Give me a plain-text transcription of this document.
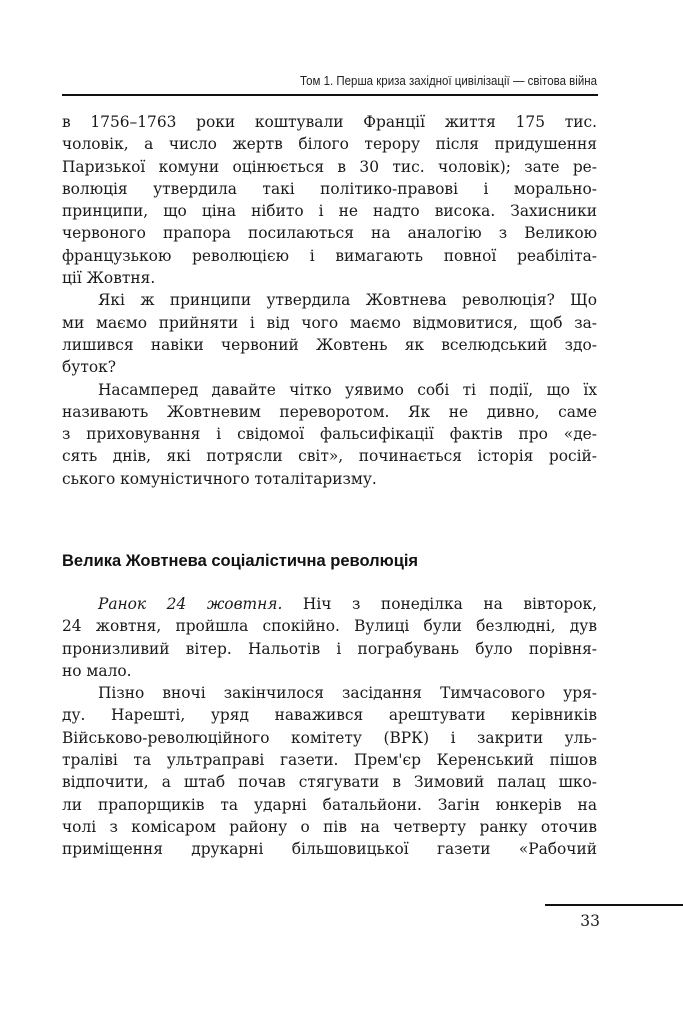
Том 1. Перша криза західної цивілізації — світова війна
в 1756–1763 роки коштували Франції життя 175 тис.
чоловік, а число жертв білого терору після придушення
Паризької комуни оцінюється в 30 тис. чоловік); зате ре-
волюція утвердила такі політико-правові і морально-
принципи, що ціна нібито і не надто висока. Захисники
червоного прапора посилаються на аналогію з Великою
французькою революцією і вимагають повної реабіліта-
ції Жовтня.
Які ж принципи утвердила Жовтнева революція? Що
ми маємо прийняти і від чого маємо відмовитися, щоб за-
лишився навіки червоний Жовтень як вселюдський здо-
буток?
Насамперед давайте чітко уявимо собі ті події, що їх
називають Жовтневим переворотом. Як не дивно, саме
з приховування і свідомої фальсифікації фактів про «де-
сять днів, які потрясли світ», починається історія росій-
ського комуністичного тоталітаризму.
Велика Жовтнева соціалістична революція
Ранок 24 жовтня. Ніч з понеділка на вівторок,
24 жовтня, пройшла спокійно. Вулиці були безлюдні, дув
пронизливий вітер. Нальотів і пограбувань було порівня-
но мало.
Пізно вночі закінчилося засідання Тимчасового уря-
ду. Нарешті, уряд наважився арештувати керівників
Військово-революційного комітету (ВРК) і закрити уль-
траліві та ультраправі газети. Прем'єр Керенський пішов
відпочити, а штаб почав стягувати в Зимовий палац шко-
ли прапорщиків та ударні батальйони. Загін юнкерів на
чолі з комісаром району о пів на четверту ранку оточив
приміщення друкарні більшовицької газети «Рабочий
33
